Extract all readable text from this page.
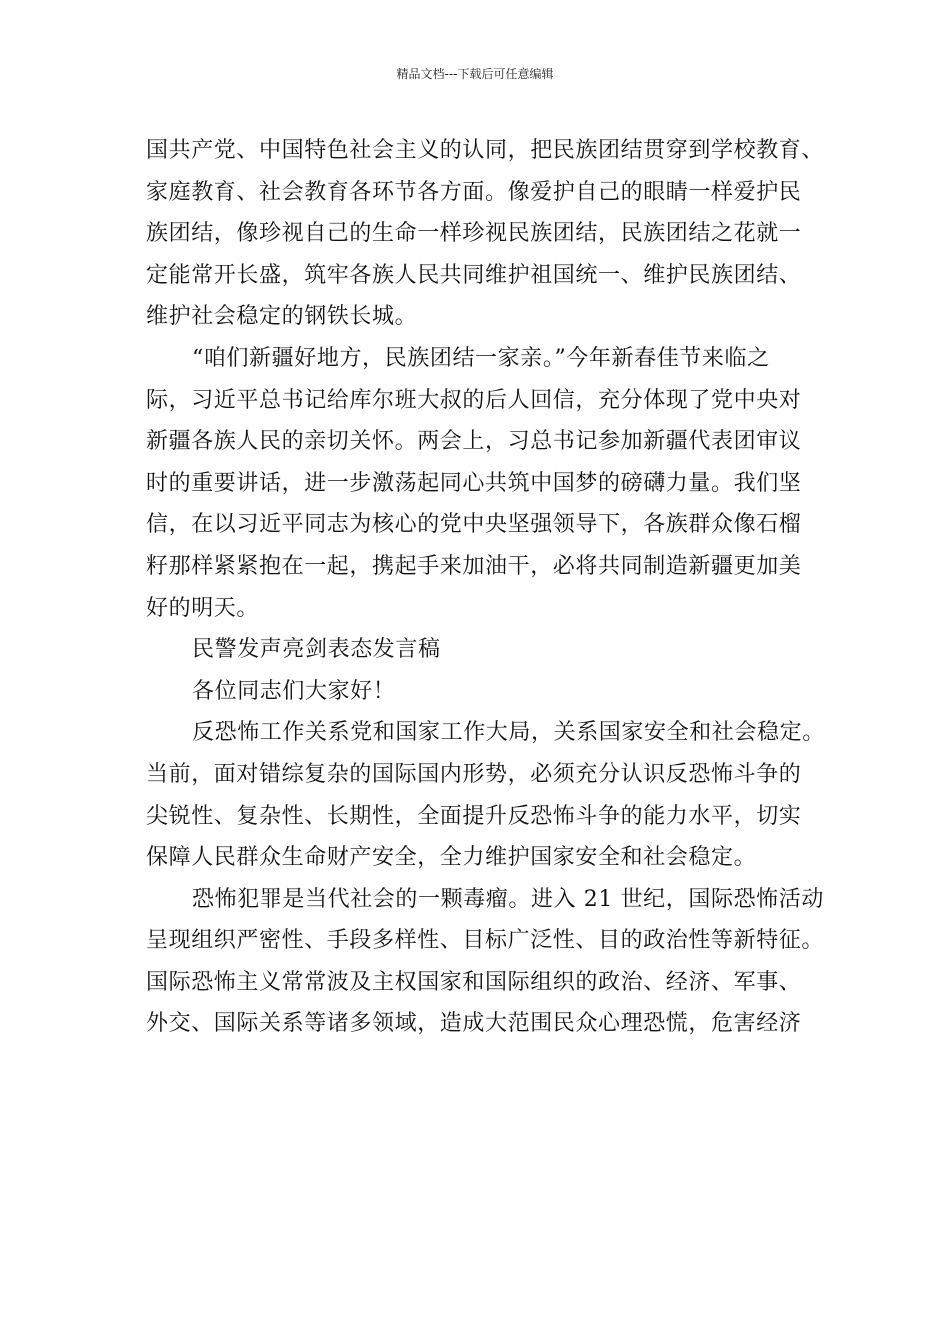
精品文档---下载后可任意编辑
国共产党、中国特色社会主义的认同，把民族团结贯穿到学校教育、
家庭教育、社会教育各环节各方面。像爱护自己的眼睛一样爱护民
族团结，像珍视自己的生命一样珍视民族团结，民族团结之花就一
定能常开长盛，筑牢各族人民共同维护祖国统一、维护民族团结、
维护社会稳定的钢铁长城。
“咱们新疆好地方，民族团结一家亲。”今年新春佳节来临之
际，习近平总书记给库尔班大叔的后人回信，充分体现了党中央对
新疆各族人民的亲切关怀。两会上，习总书记参加新疆代表团审议
时的重要讲话，进一步激荡起同心共筑中国梦的磅礴力量。我们坚
信，在以习近平同志为核心的党中央坚强领导下，各族群众像石榴
籽那样紧紧抱在一起，携起手来加油干，必将共同制造新疆更加美
好的明天。
民警发声亮剑表态发言稿
各位同志们大家好！
反恐怖工作关系党和国家工作大局，关系国家安全和社会稳定。
当前，面对错综复杂的国际国内形势，必须充分认识反恐怖斗争的
尖锐性、复杂性、长期性，全面提升反恐怖斗争的能力水平，切实
保障人民群众生命财产安全，全力维护国家安全和社会稳定。
恐怖犯罪是当代社会的一颗毒瘤。进入 21 世纪，国际恐怖活动
呈现组织严密性、手段多样性、目标广泛性、目的政治性等新特征。
国际恐怖主义常常波及主权国家和国际组织的政治、经济、军事、
外交、国际关系等诸多领域，造成大范围民众心理恐慌，危害经济
